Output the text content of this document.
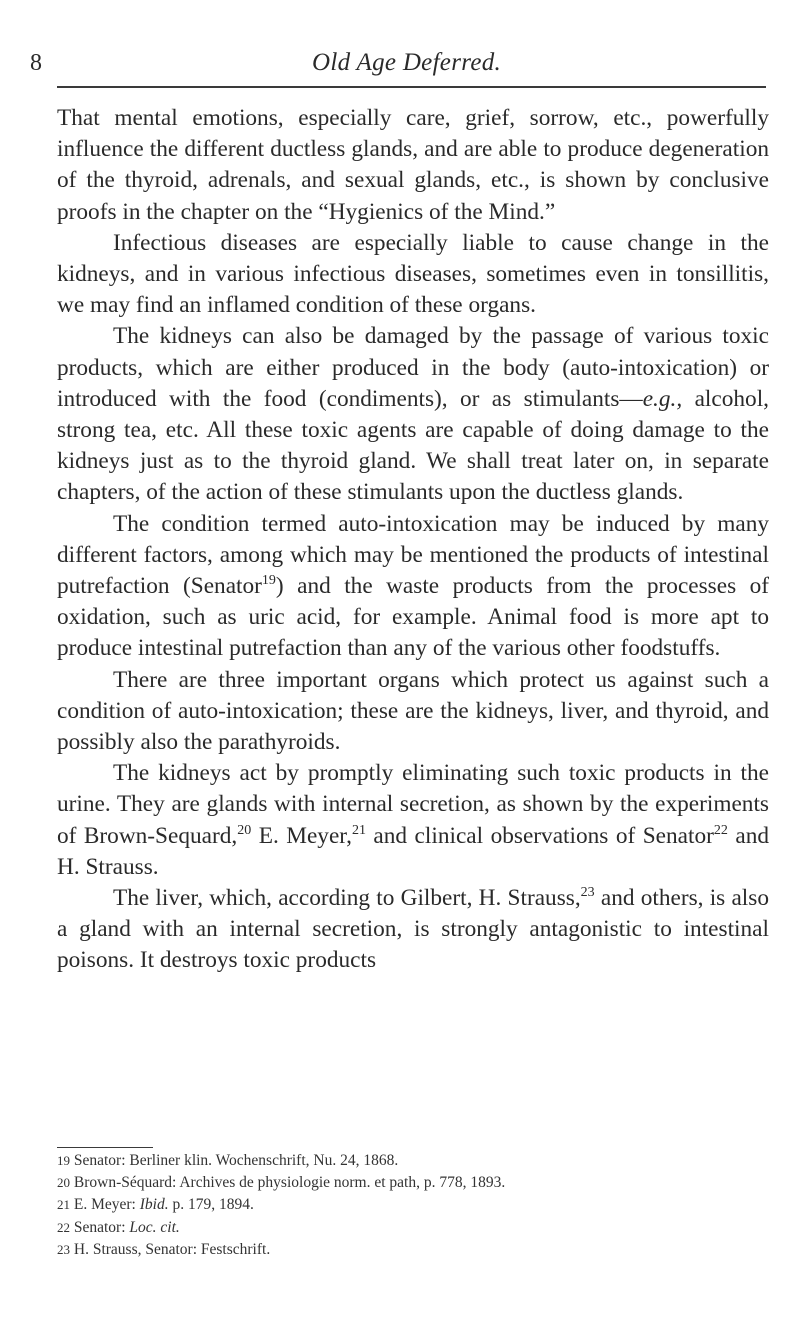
8	Old Age Deferred.

That mental emotions, especially care, grief, sorrow, etc., powerfully influence the different ductless glands, and are able to produce degeneration of the thyroid, adrenals, and sexual glands, etc., is shown by conclusive proofs in the chapter on the “Hygienics of the Mind.”

Infectious diseases are especially liable to cause change in the kidneys, and in various infectious diseases, sometimes even in tonsillitis, we may find an inflamed condition of these organs.

The kidneys can also be damaged by the passage of various toxic products, which are either produced in the body (auto-intoxication) or introduced with the food (condiments), or as stimulants—e.g., alcohol, strong tea, etc. All these toxic agents are capable of doing damage to the kidneys just as to the thyroid gland. We shall treat later on, in separate chapters, of the action of these stimulants upon the ductless glands.

The condition termed auto-intoxication may be induced by many different factors, among which may be mentioned the products of intestinal putrefaction (Senator$^{19}$) and the waste products from the processes of oxidation, such as uric acid, for example. Animal food is more apt to produce intestinal putrefaction than any of the various other foodstuffs.

There are three important organs which protect us against such a condition of auto-intoxication; these are the kidneys, liver, and thyroid, and possibly also the parathyroids.

The kidneys act by promptly eliminating such toxic products in the urine. They are glands with internal secretion, as shown by the experiments of Brown-Sequard,$^{20}$ E. Meyer,$^{21}$ and clinical observations of Senator$^{22}$ and H. Strauss.

The liver, which, according to Gilbert, H. Strauss,$^{23}$ and others, is also a gland with an internal secretion, is strongly antagonistic to intestinal poisons. It destroys toxic products

19 Senator: Berliner klin. Wochenschrift, Nu. 24, 1868.
20 Brown-Séquard: Archives de physiologie norm. et path, p. 778, 1893.
21 E. Meyer: Ibid. p. 179, 1894.
22 Senator: Loc. cit.
23 H. Strauss, Senator: Festschrift.
